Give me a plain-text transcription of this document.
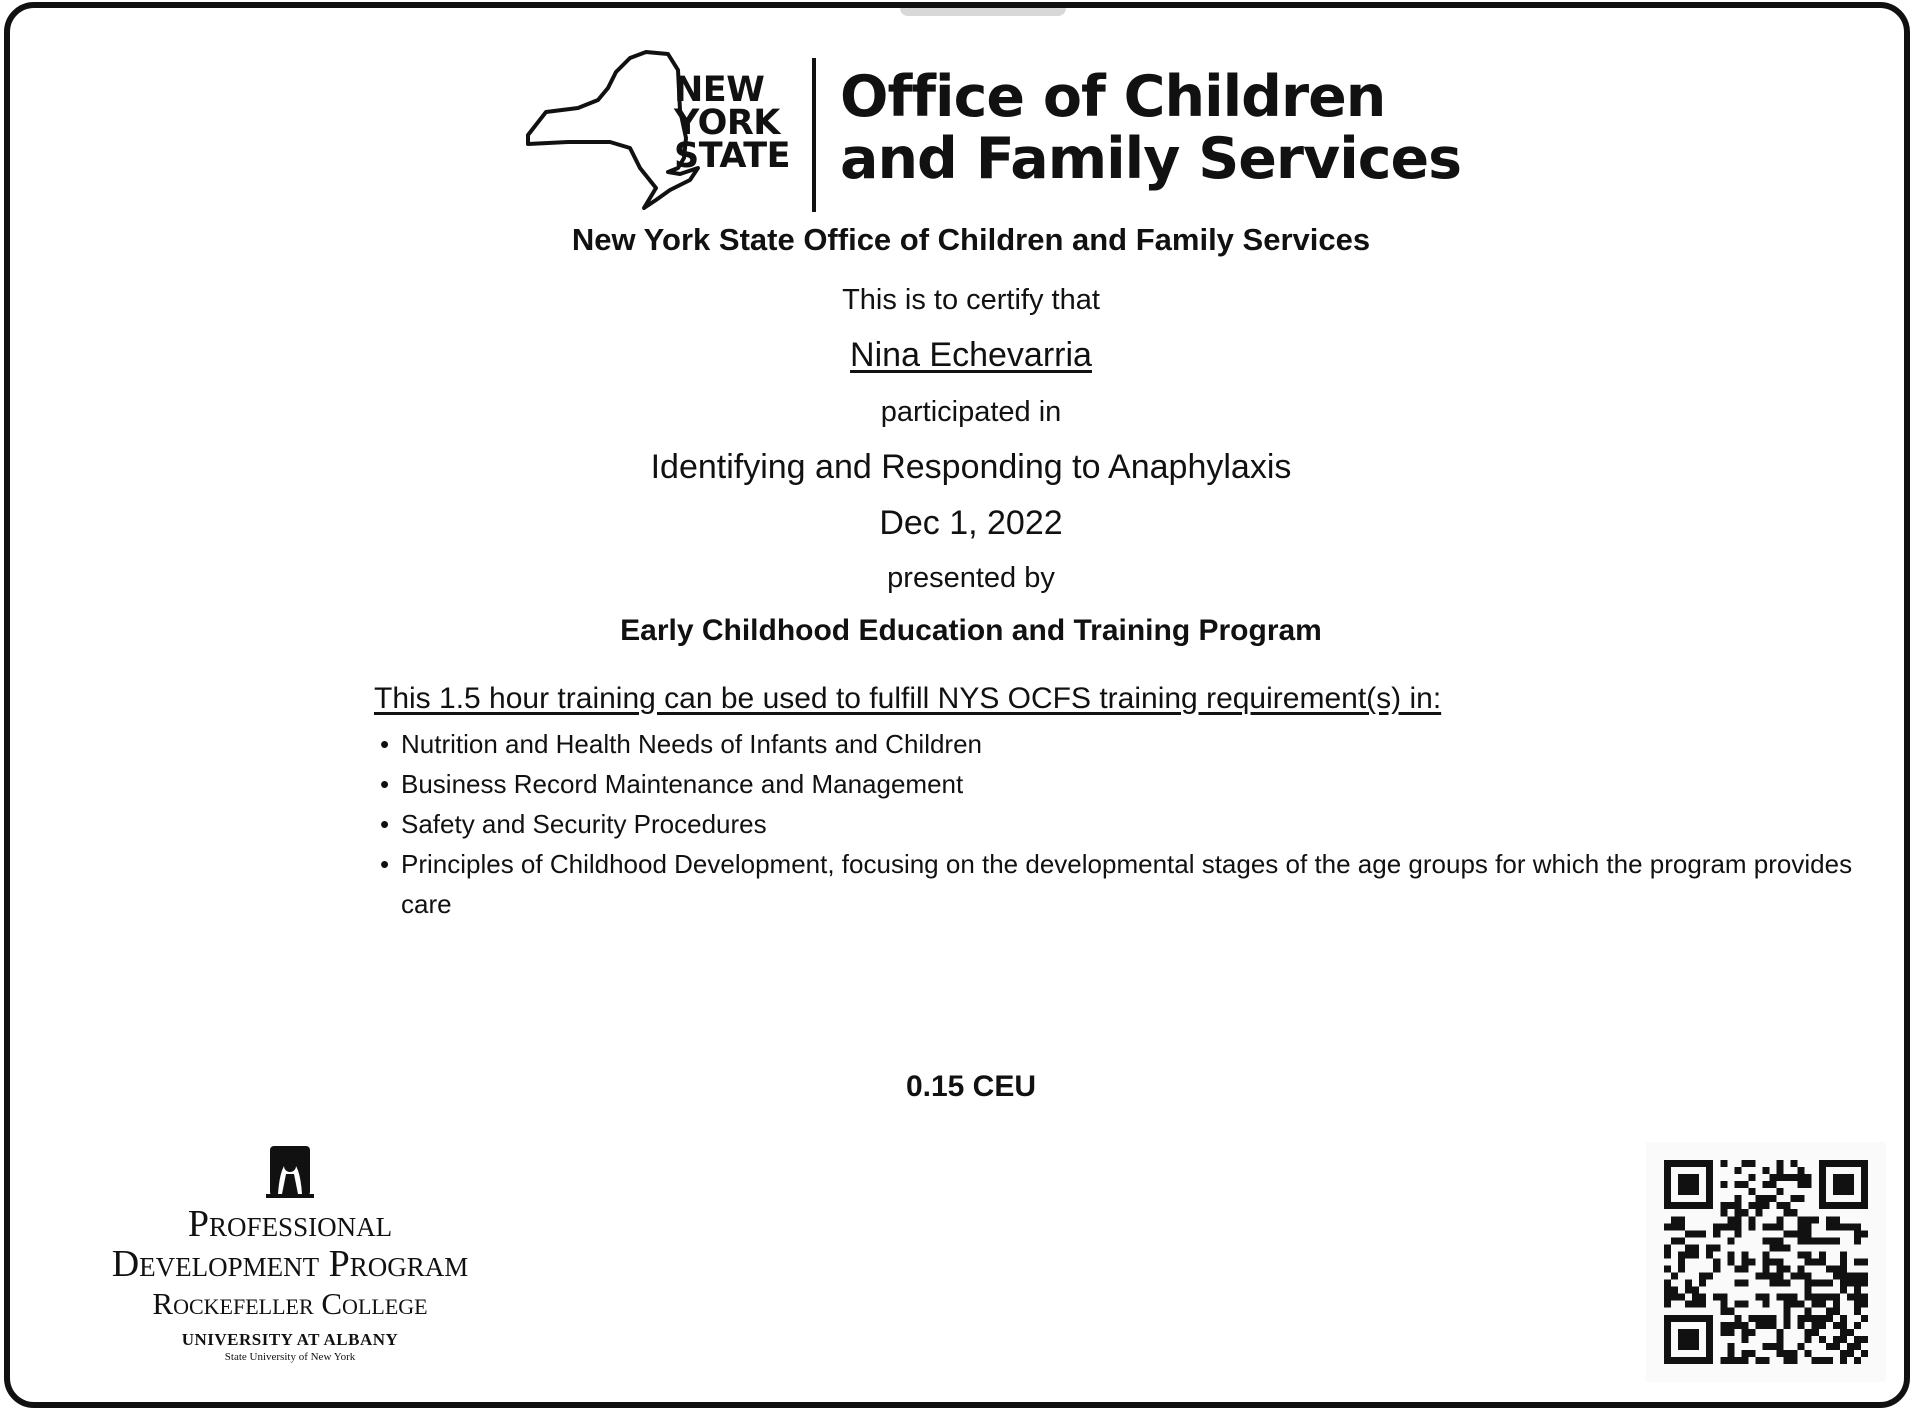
NEW
YORK
STATE
Office of Children
and Family Services
New York State Office of Children and Family Services
This is to certify that
Nina Echevarria
participated in
Identifying and Responding to Anaphylaxis
Dec 1, 2022
presented by
Early Childhood Education and Training Program
This 1.5 hour training can be used to fulfill NYS OCFS training requirement(s) in:
• Nutrition and Health Needs of Infants and Children
• Business Record Maintenance and Management
• Safety and Security Procedures
• Principles of Childhood Development, focusing on the developmental stages of the age groups for which the program provides care
0.15 CEU
Professional
Development Program
Rockefeller College
UNIVERSITY AT ALBANY
State University of New York
